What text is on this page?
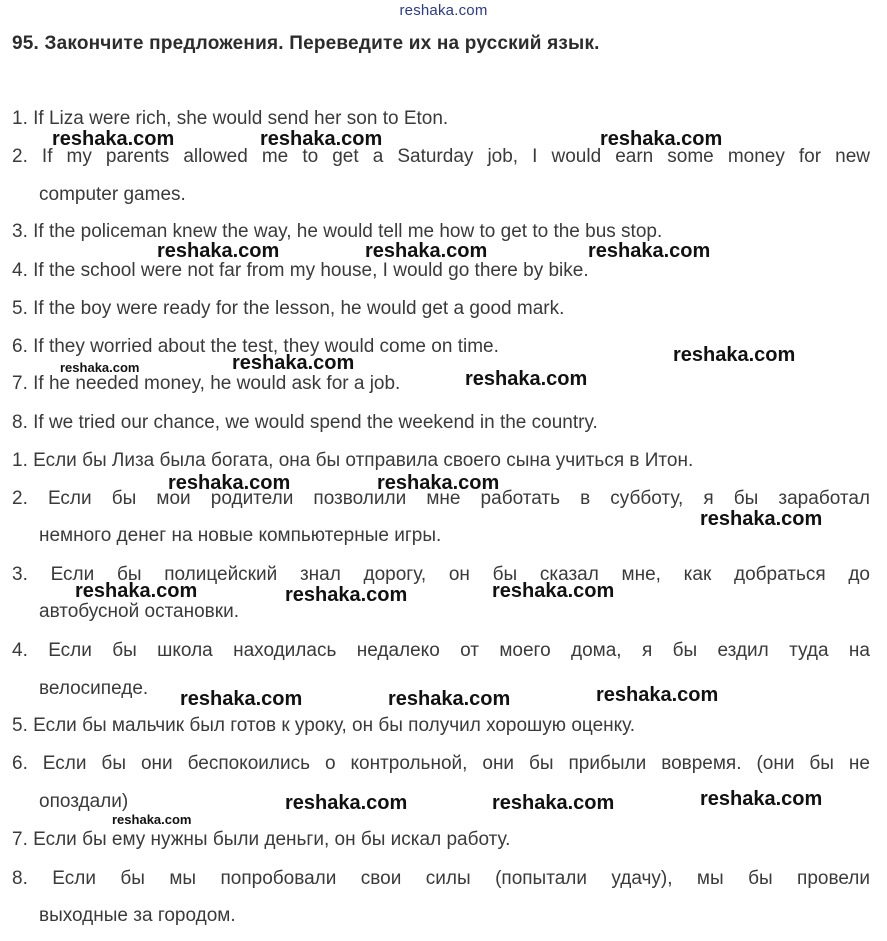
reshaka.com
95. Закончите предложения. Переведите их на русский язык.
1. If Liza were rich, she would send her son to Eton.
2. If my parents allowed me to get a Saturday job, I would earn some money for new
computer games.
3. If the policeman knew the way, he would tell me how to get to the bus stop.
4. If the school were not far from my house, I would go there by bike.
5. If the boy were ready for the lesson, he would get a good mark.
6. If they worried about the test, they would come on time.
7. If he needed money, he would ask for a job.
8. If we tried our chance, we would spend the weekend in the country.
1. Если бы Лиза была богата, она бы отправила своего сына учиться в Итон.
2. Если бы мои родители позволили мне работать в субботу, я бы заработал
немного денег на новые компьютерные игры.
3. Если бы полицейский знал дорогу, он бы сказал мне, как добраться до
автобусной остановки.
4. Если бы школа находилась недалеко от моего дома, я бы ездил туда на
велосипеде.
5. Если бы мальчик был готов к уроку, он бы получил хорошую оценку.
6. Если бы они беспокоились о контрольной, они бы прибыли вовремя. (они бы не
опоздали)
7. Если бы ему нужны были деньги, он бы искал работу.
8. Если бы мы попробовали свои силы (попытали удачу), мы бы провели
выходные за городом.
reshaka.com	reshaka.com	reshaka.com
reshaka.com	reshaka.com	reshaka.com
reshaka.com
reshaka.com
reshaka.com
reshaka.com
reshaka.com	reshaka.com
reshaka.com
reshaka.com	reshaka.com
reshaka.com
reshaka.com
reshaka.com	reshaka.com
reshaka.com
reshaka.com	reshaka.com
reshaka.com
